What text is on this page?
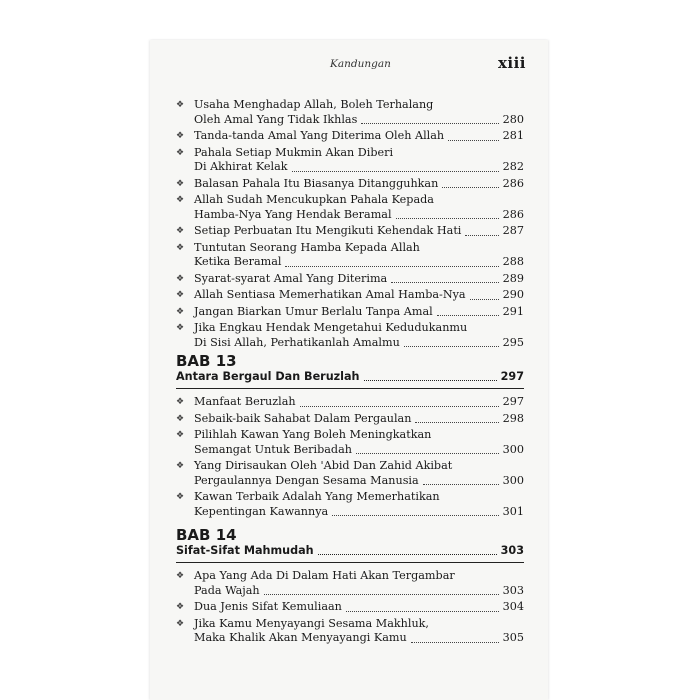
Kandungan	xiii
❖ Usaha Menghadap Allah, Boleh Terhalang
Oleh Amal Yang Tidak Ikhlas	280
❖ Tanda-tanda Amal Yang Diterima Oleh Allah	281
❖ Pahala Setiap Mukmin Akan Diberi
Di Akhirat Kelak	282
❖ Balasan Pahala Itu Biasanya Ditangguhkan	286
❖ Allah Sudah Mencukupkan Pahala Kepada
Hamba-Nya Yang Hendak Beramal	286
❖ Setiap Perbuatan Itu Mengikuti Kehendak Hati	287
❖ Tuntutan Seorang Hamba Kepada Allah
Ketika Beramal	288
❖ Syarat-syarat Amal Yang Diterima	289
❖ Allah Sentiasa Memerhatikan Amal Hamba-Nya	290
❖ Jangan Biarkan Umur Berlalu Tanpa Amal	291
❖ Jika Engkau Hendak Mengetahui Kedudukanmu
Di Sisi Allah, Perhatikanlah Amalmu	295
BAB 13
Antara Bergaul Dan Beruzlah	297
❖ Manfaat Beruzlah	297
❖ Sebaik-baik Sahabat Dalam Pergaulan	298
❖ Pilihlah Kawan Yang Boleh Meningkatkan
Semangat Untuk Beribadah	300
❖ Yang Dirisaukan Oleh 'Abid Dan Zahid Akibat
Pergaulannya Dengan Sesama Manusia	300
❖ Kawan Terbaik Adalah Yang Memerhatikan
Kepentingan Kawannya	301
BAB 14
Sifat-Sifat Mahmudah	303
❖ Apa Yang Ada Di Dalam Hati Akan Tergambar
Pada Wajah	303
❖ Dua Jenis Sifat Kemuliaan	304
❖ Jika Kamu Menyayangi Sesama Makhluk,
Maka Khalik Akan Menyayangi Kamu	305
